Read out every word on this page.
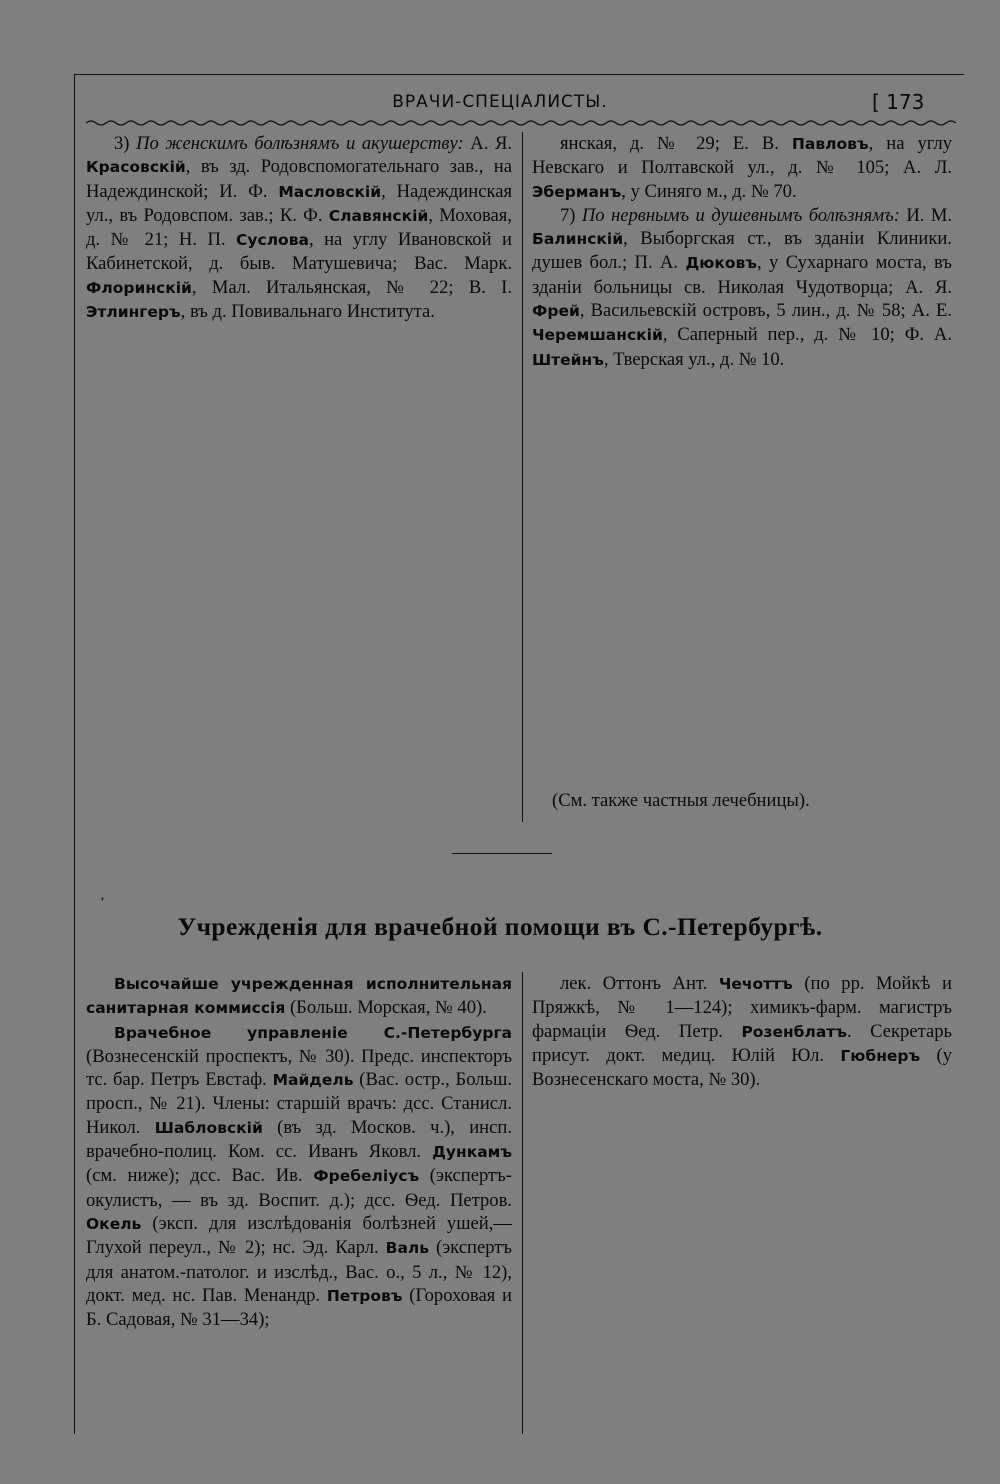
ВРАЧИ-СПЕЦІАЛИСТЫ.	[ 173

3) По женскимъ болѣзнямъ и акушерству: А. Я. Красовскій, въ зд. Родовспомогательнаго зав., на Надеждинской; И. Ф. Масловскій, Надеждинская ул., въ Родовспом. зав.; К. Ф. Славянскій, Моховая, д. № 21; Н. П. Суслова, на углу Ивановской и Кабинетской, д. быв. Матушевича; Вас. Марк. Флоринскій, Мал. Итальянская, № 22; В. І. Этлингеръ, въ д. Повивальнаго Института.

янская, д. № 29; Е. В. Павловъ, на углу Невскаго и Полтавской ул., д. № 105; А. Л. Эберманъ, у Синяго м., д. № 70.

7) По нервнымъ и душевнымъ болѣзнямъ: И. М. Балинскій, Выборгская ст., въ зданіи Клиники. душев бол.; П. А. Дюковъ, у Сухарнаго моста, въ зданіи больницы св. Николая Чудотворца; А. Я. Фрей, Васильевскій островъ, 5 лин., д. № 58; А. Е. Черемшанскій, Саперный пер., д. № 10; Ф. А. Штейнъ, Тверская ул., д. № 10.

(См. также частныя лечебницы).
‚
Учрежденія для врачебной помощи въ С.-Петербургѣ.

Высочайше учрежденная исполнительная санитарная коммиссія (Больш. Морская, № 40).

Врачебное управленіе С.-Петербурга (Вознесенскій проспектъ, № 30). Предс. инспекторъ тс. бар. Петръ Евстаф. Майдель (Вас. остр., Больш. просп., № 21). Члены: старшій врачъ: дсс. Станисл. Никол. Шабловскій (въ зд. Москов. ч.), инсп. врачебно-полиц. Ком. сс. Иванъ Яковл. Дункамъ (см. ниже); дсс. Вас. Ив. Фребеліусъ (экспертъ-окулистъ, — въ зд. Воспит. д.); дсс. Ѳед. Петров. Окель (эксп. для изслѣдованія болѣзней ушей,—Глухой переул., № 2); нс. Эд. Карл. Валь (экспертъ для анатом.-патолог. и изслѣд., Вас. о., 5 л., № 12), докт. мед. нс. Пав. Менандр. Петровъ (Гороховая и Б. Садовая, № 31—34);

лек. Оттонъ Ант. Чечоттъ (по рр. Мойкѣ и Пряжкѣ, № 1—124); химикъ-фарм. магистръ фармаціи Ѳед. Петр. Розенблатъ. Секретарь присут. докт. медиц. Юлій Юл. Гюбнеръ (у Вознесенскаго моста, № 30).
